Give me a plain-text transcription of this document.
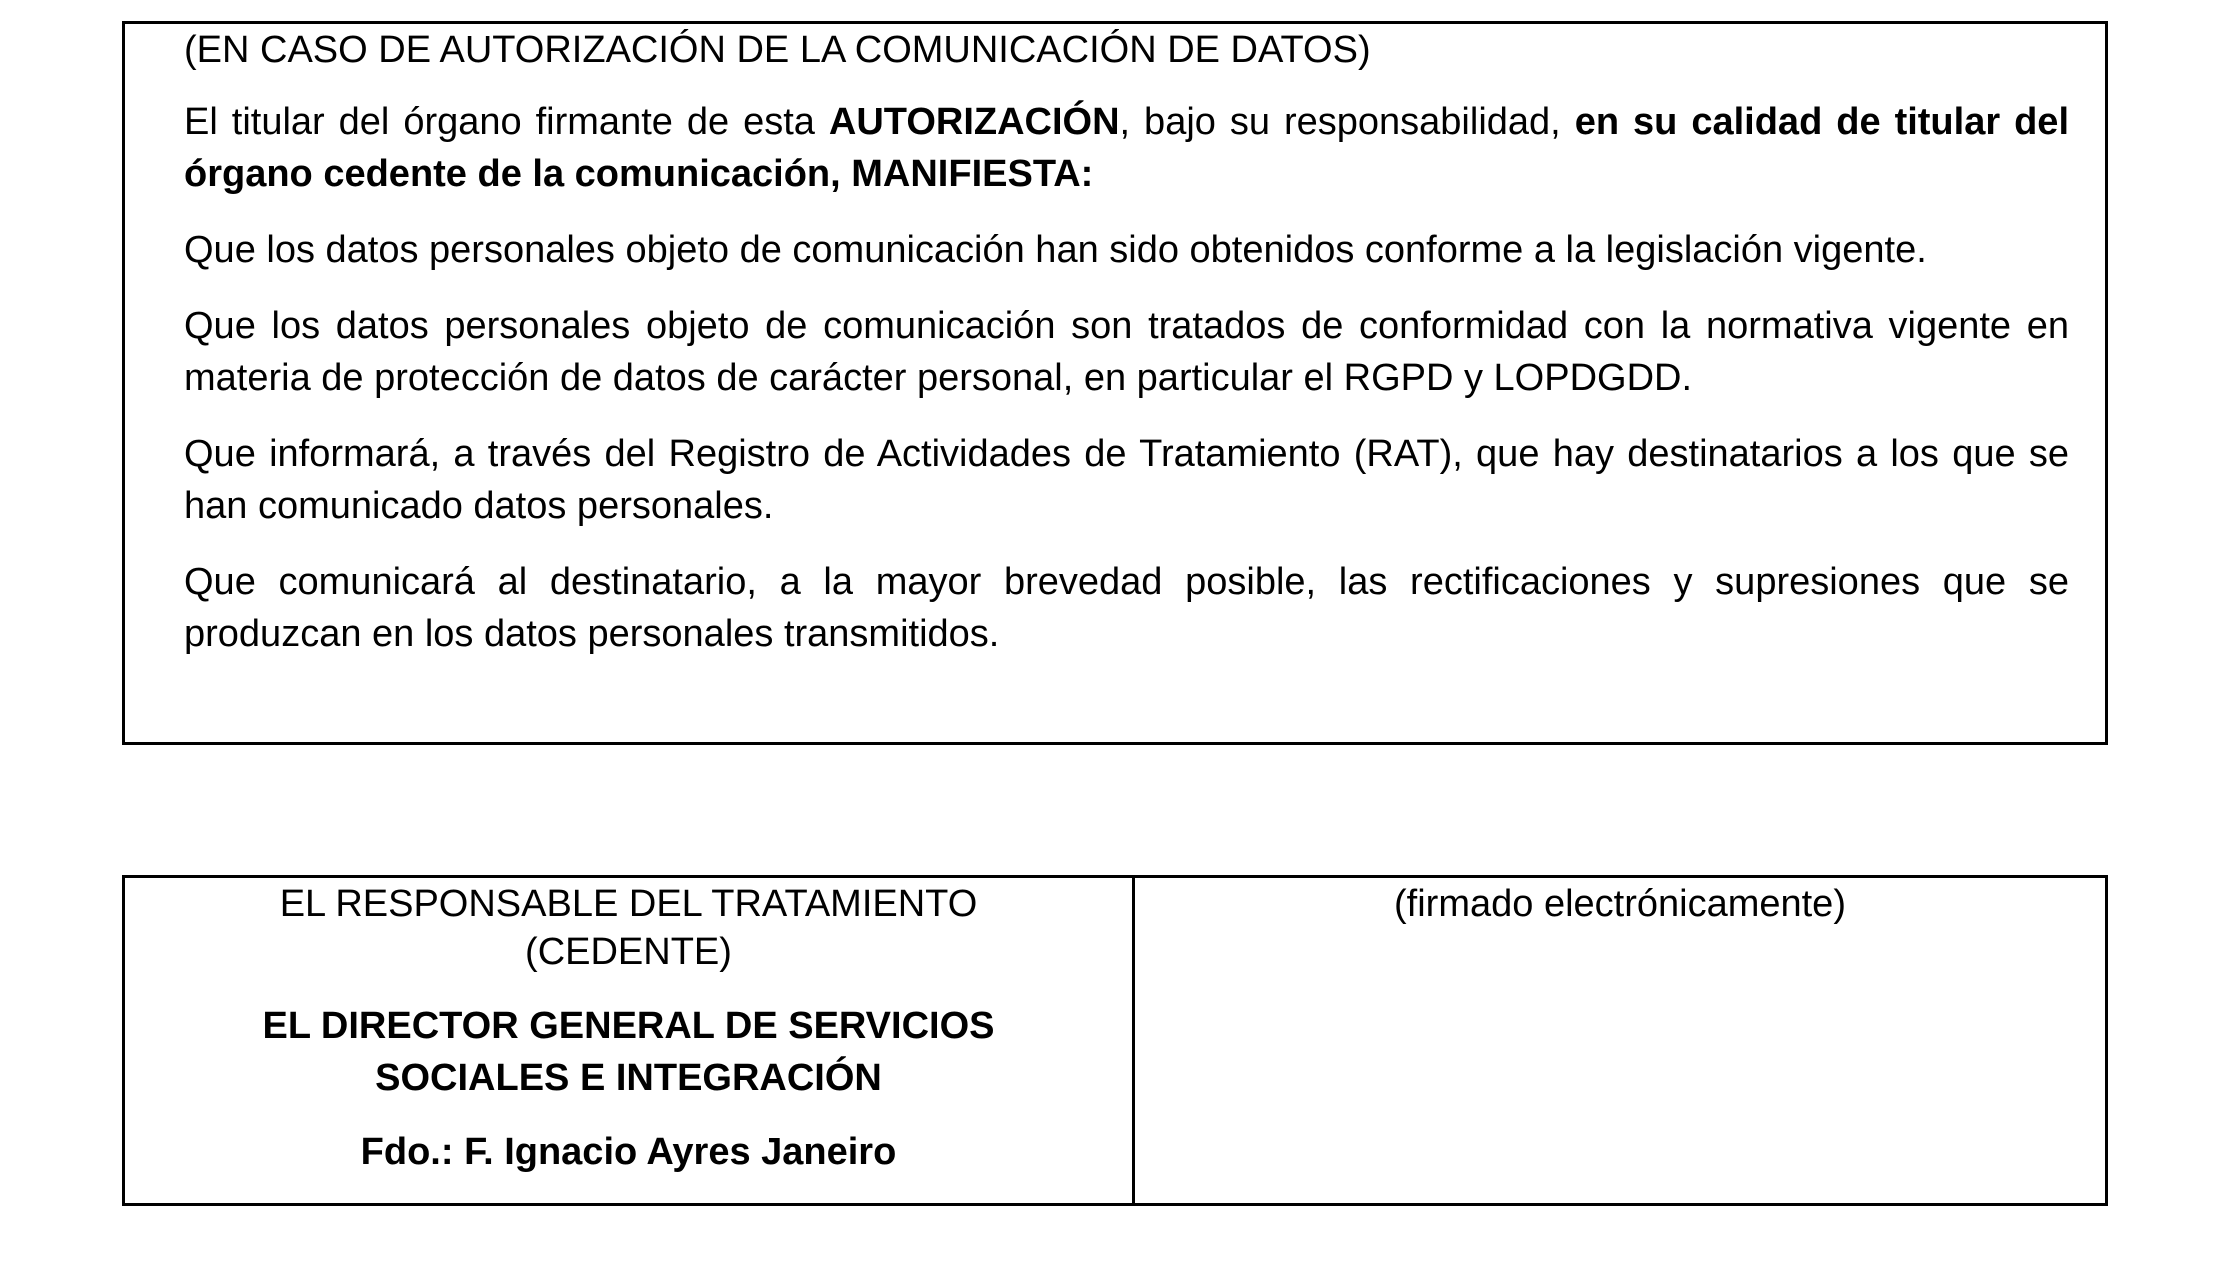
(EN CASO DE AUTORIZACIÓN DE LA COMUNICACIÓN DE DATOS)

El titular del órgano firmante de esta AUTORIZACIÓN, bajo su responsabilidad, en su calidad de titular del órgano cedente de la comunicación, MANIFIESTA:

Que los datos personales objeto de comunicación han sido obtenidos conforme a la legislación vigente.

Que los datos personales objeto de comunicación son tratados de conformidad con la normativa vigente en materia de protección de datos de carácter personal, en particular el RGPD y LOPDGDD.

Que informará, a través del Registro de Actividades de Tratamiento (RAT), que hay destinatarios a los que se han comunicado datos personales.

Que comunicará al destinatario, a la mayor brevedad posible, las rectificaciones y supresiones que se produzcan en los datos personales transmitidos.

EL RESPONSABLE DEL TRATAMIENTO
(CEDENTE)
EL DIRECTOR GENERAL DE SERVICIOS
SOCIALES E INTEGRACIÓN
Fdo.: F. Ignacio Ayres Janeiro
(firmado electrónicamente)
